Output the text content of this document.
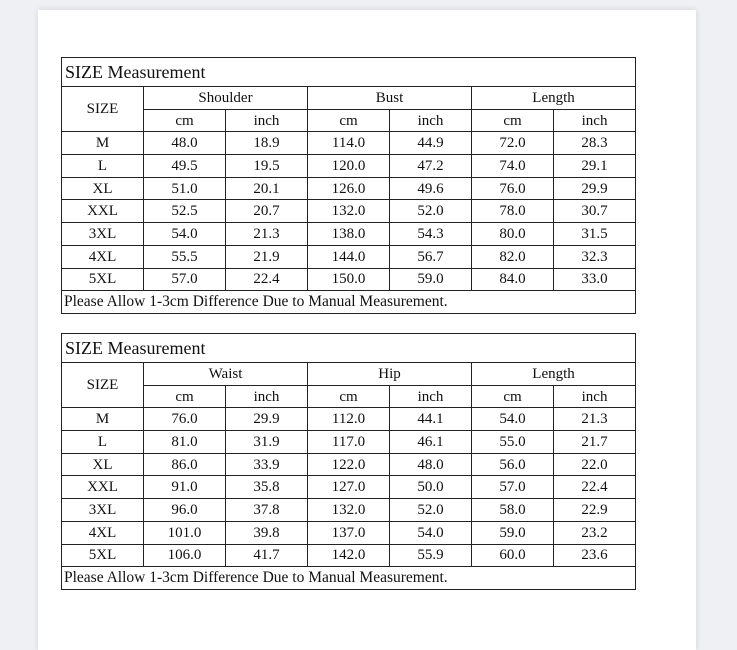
SIZE Measurement						
SIZE	Shoulder		Bust		Length	
	cm	inch	cm	inch	cm	inch
M	48.0	18.9	114.0	44.9	72.0	28.3
L	49.5	19.5	120.0	47.2	74.0	29.1
XL	51.0	20.1	126.0	49.6	76.0	29.9
XXL	52.5	20.7	132.0	52.0	78.0	30.7
3XL	54.0	21.3	138.0	54.3	80.0	31.5
4XL	55.5	21.9	144.0	56.7	82.0	32.3
5XL	57.0	22.4	150.0	59.0	84.0	33.0
Please Allow 1-3cm Difference Due to Manual Measurement.						
SIZE Measurement						
SIZE	Waist		Hip		Length	
	cm	inch	cm	inch	cm	inch
M	76.0	29.9	112.0	44.1	54.0	21.3
L	81.0	31.9	117.0	46.1	55.0	21.7
XL	86.0	33.9	122.0	48.0	56.0	22.0
XXL	91.0	35.8	127.0	50.0	57.0	22.4
3XL	96.0	37.8	132.0	52.0	58.0	22.9
4XL	101.0	39.8	137.0	54.0	59.0	23.2
5XL	106.0	41.7	142.0	55.9	60.0	23.6
Please Allow 1-3cm Difference Due to Manual Measurement.						
